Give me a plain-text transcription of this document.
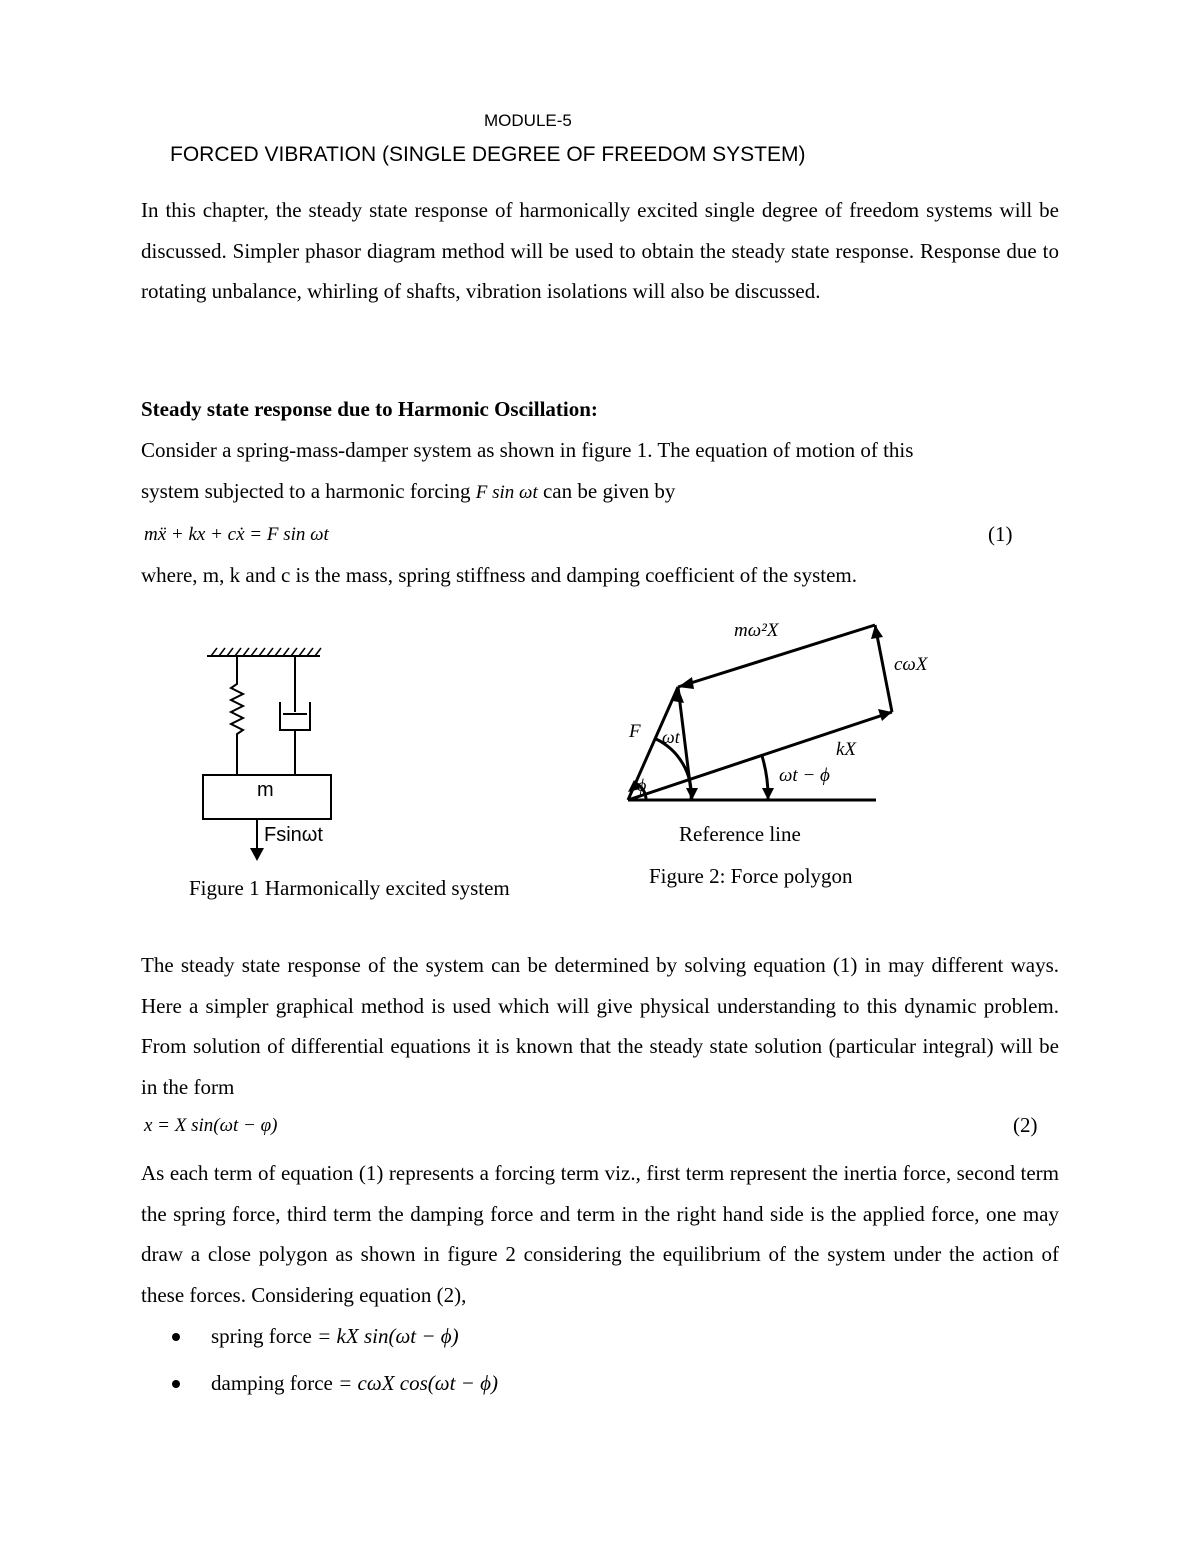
MODULE-5
FORCED VIBRATION (SINGLE DEGREE OF FREEDOM SYSTEM)
In this chapter, the steady state response of harmonically excited single degree of freedom systems will be discussed. Simpler phasor diagram method will be used to obtain the steady state response. Response due to rotating unbalance, whirling of shafts, vibration isolations will also be discussed.
Steady state response due to Harmonic Oscillation:
Consider a spring-mass-damper system as shown in figure 1. The equation of motion of this
system subjected to a harmonic forcing F sin ωt can be given by
mẍ + kx + cẋ = F sin ωt	(1)
where, m, k and c is the mass, spring stiffness and damping coefficient of the system.
m
Fsinωt
Figure 1 Harmonically excited system
mω²X
cωX
kX
F ωt
ϕ	ωt − ϕ
Reference line
Figure 2: Force polygon
The steady state response of the system can be determined by solving equation (1) in may different ways. Here a simpler graphical method is used which will give physical understanding to this dynamic problem. From solution of differential equations it is known that the steady state solution (particular integral) will be in the form
x = X sin(ωt − φ)	(2)
As each term of equation (1) represents a forcing term viz., first term represent the inertia force, second term the spring force, third term the damping force and term in the right hand side is the applied force, one may draw a close polygon as shown in figure 2 considering the equilibrium of the system under the action of these forces. Considering equation (2),
spring force = kX sin(ωt − ϕ)
damping force = cωX cos(ωt − ϕ)
